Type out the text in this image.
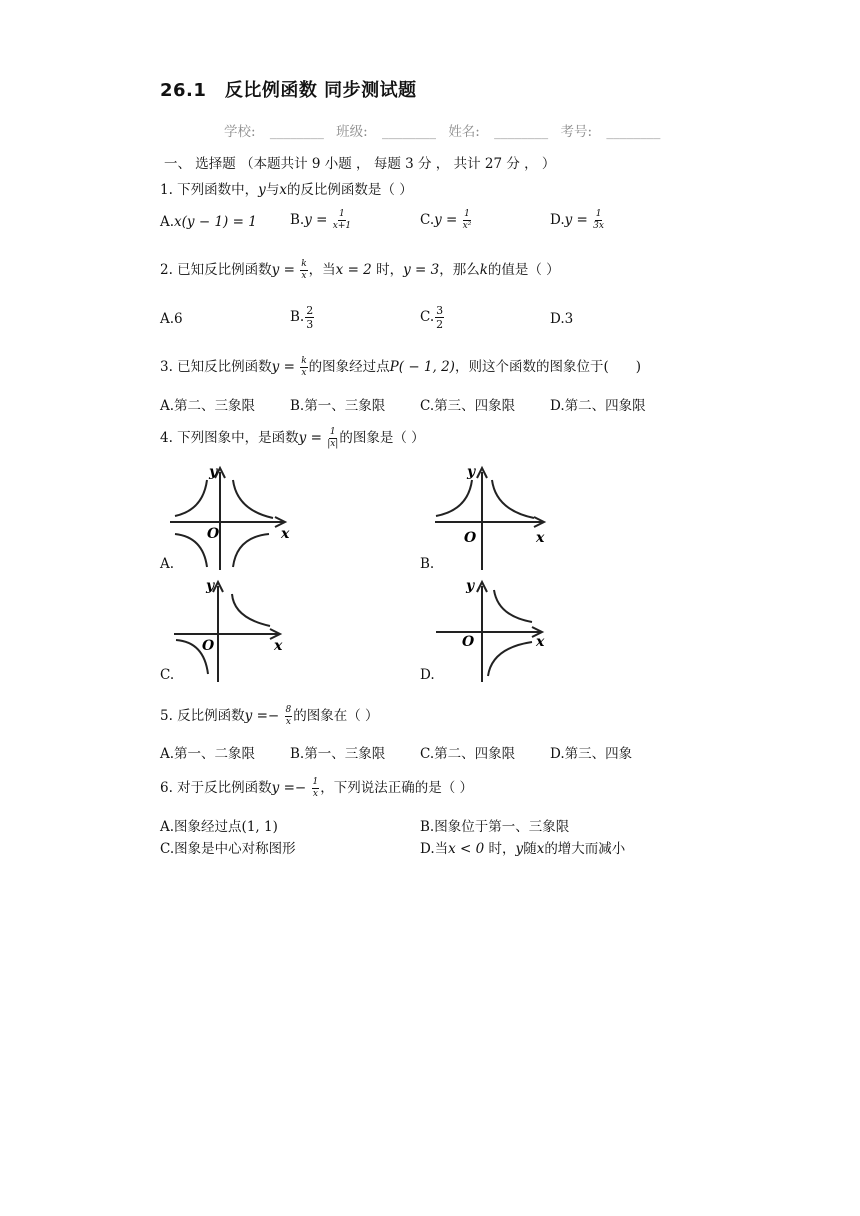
26.1　反比例函数 同步测试题
学校: ________ 班级: ________ 姓名: ________ 考号: ________
一、 选择题 （本题共计 9 小题 ， 每题 3 分 ， 共计 27 分 ， ）
1. 下列函数中，y与x的反比例函数是（ ）
A.x(y − 1) = 1 $B.y = \frac{1}{x+1}$	$C.y = \frac{1}{\text{x²}}$	$D.y = \frac{1}{3x}$
2. 已知反比例函数$y = \frac{k}{x}$ ，当x = 2 时，y = 3，那么k的值是（ ）
A.6	B. $\frac{2}{3}$	C. $\frac{3}{2}$	D.3
3. 已知反比例函数$y = \frac{k}{x}$ 的图象经过点P( − 1, 2)，则这个函数的图象位于(　　)
A.第二、三象限	B.第一、三象限	C.第三、四象限	D.第二、四象限
4. 下列图象中，是函数$y = \frac{1}{|x|}$ 的图象是（ ）
y
x
O
A.
y
x
O
B.
y
x
O
C.
y
x
O
D.
5. 反比例函数$y =- \frac{8}{x}$ 的图象在（ ）
A.第一、二象限	B.第一、三象限	C.第二、四象限	D.第三、四象
6. 对于反比例函数$y =- \frac{1}{x}$ ，下列说法正确的是（ ）
A.图象经过点(1, 1)	B.图象位于第一、三象限
C.图象是中心对称图形	D.当x < 0 时，y随x的增大而减小
